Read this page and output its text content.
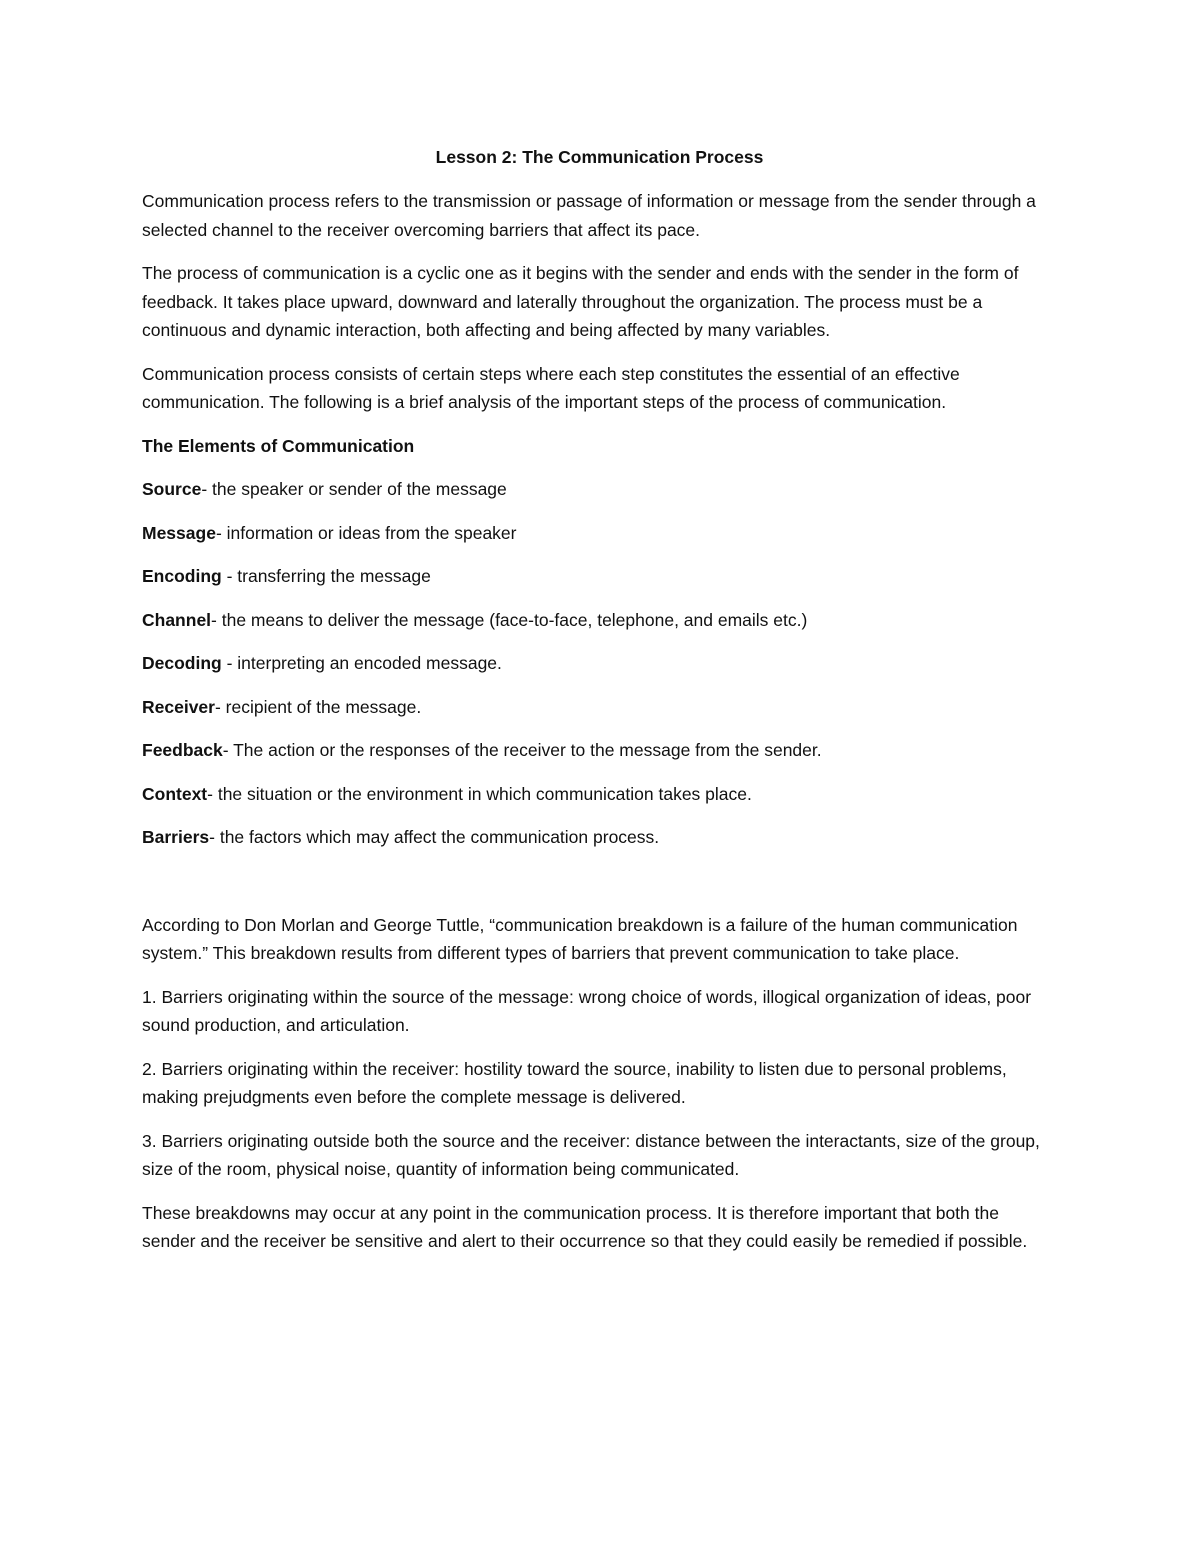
Lesson 2: The Communication Process

Communication process refers to the transmission or passage of information or message from the sender through a selected channel to the receiver overcoming barriers that affect its pace.

The process of communication is a cyclic one as it begins with the sender and ends with the sender in the form of feedback. It takes place upward, downward and laterally throughout the organization. The process must be a continuous and dynamic interaction, both affecting and being affected by many variables.

Communication process consists of certain steps where each step constitutes the essential of an effective communication. The following is a brief analysis of the important steps of the process of communication.

The Elements of Communication
Source- the speaker or sender of the message
Message- information or ideas from the speaker
Encoding - transferring the message
Channel- the means to deliver the message (face-to-face, telephone, and emails etc.)
Decoding - interpreting an encoded message.
Receiver- recipient of the message.
Feedback- The action or the responses of the receiver to the message from the sender.
Context- the situation or the environment in which communication takes place.
Barriers- the factors which may affect the communication process.

According to Don Morlan and George Tuttle, “communication breakdown is a failure of the human communication system.” This breakdown results from different types of barriers that prevent communication to take place.

1. Barriers originating within the source of the message: wrong choice of words, illogical organization of ideas, poor sound production, and articulation.

2. Barriers originating within the receiver: hostility toward the source, inability to listen due to personal problems, making prejudgments even before the complete message is delivered.

3. Barriers originating outside both the source and the receiver: distance between the interactants, size of the group, size of the room, physical noise, quantity of information being communicated.

These breakdowns may occur at any point in the communication process. It is therefore important that both the sender and the receiver be sensitive and alert to their occurrence so that they could easily be remedied if possible.
